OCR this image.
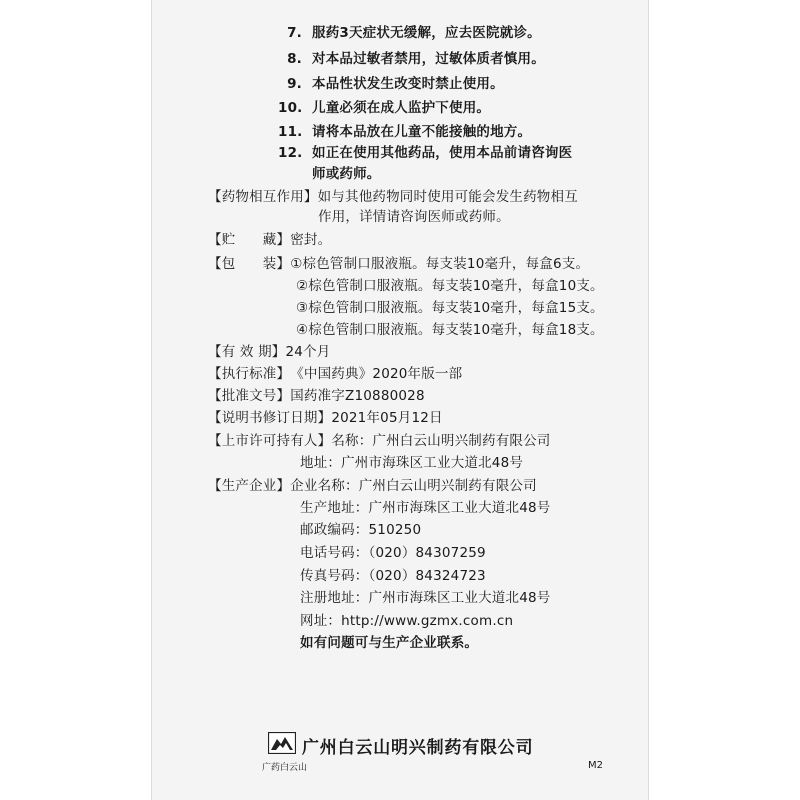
7. 服药3天症状无缓解，应去医院就诊。
8. 对本品过敏者禁用，过敏体质者慎用。
9. 本品性状发生改变时禁止使用。
10. 儿童必须在成人监护下使用。
11. 请将本品放在儿童不能接触的地方。
12. 如正在使用其他药品，使用本品前请咨询医
师或药师。
【药物相互作用】如与其他药物同时使用可能会发生药物相互
作用，详情请咨询医师或药师。
【贮　　藏】密封。
【包　　装】①棕色管制口服液瓶。每支装10毫升，每盒6支。
②棕色管制口服液瓶。每支装10毫升，每盒10支。
③棕色管制口服液瓶。每支装10毫升，每盒15支。
④棕色管制口服液瓶。每支装10毫升，每盒18支。
【有 效 期】24个月
【执行标准】《中国药典》2020年版一部
【批准文号】国药准字Z10880028
【说明书修订日期】2021年05月12日
【上市许可持有人】名称：广州白云山明兴制药有限公司
地址：广州市海珠区工业大道北48号
【生产企业】企业名称：广州白云山明兴制药有限公司
生产地址：广州市海珠区工业大道北48号
邮政编码：510250
电话号码：（020）84307259
传真号码：（020）84324723
注册地址：广州市海珠区工业大道北48号
网址：http://www.gzmx.com.cn
如有问题可与生产企业联系。
广州白云山明兴制药有限公司
广药白云山	M2
